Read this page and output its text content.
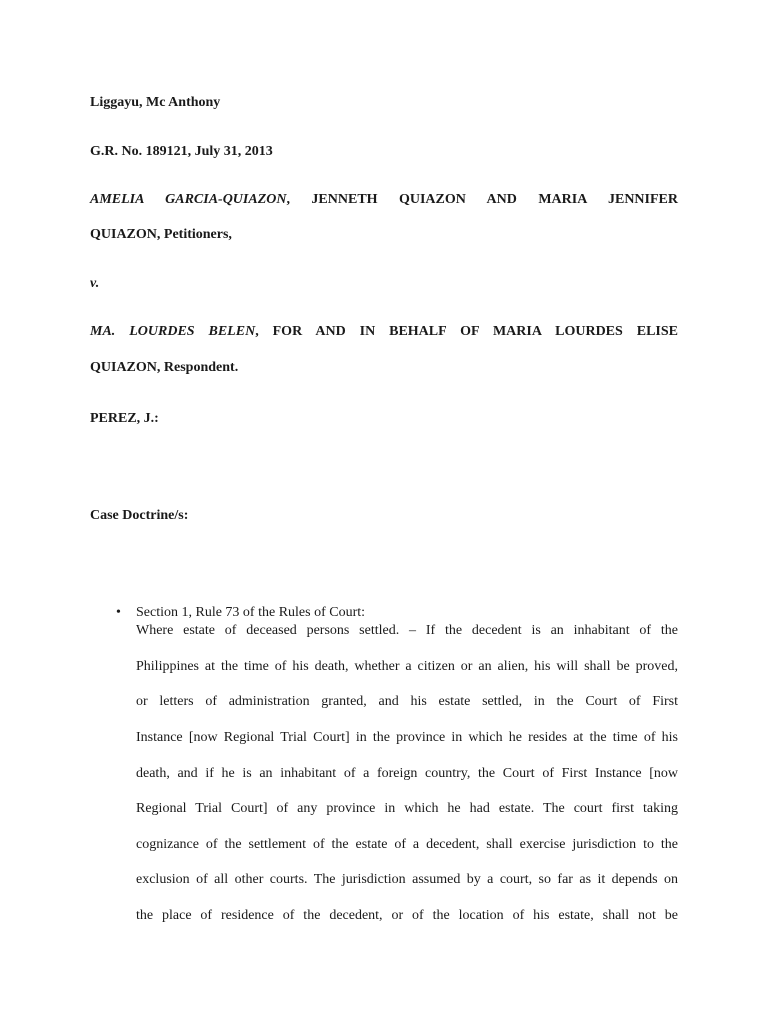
Liggayu, Mc Anthony
G.R. No. 189121, July 31, 2013
AMELIA GARCIA-QUIAZON, JENNETH QUIAZON AND MARIA JENNIFER
QUIAZON, Petitioners,
v.
MA. LOURDES BELEN, FOR AND IN BEHALF OF MARIA LOURDES ELISE
QUIAZON, Respondent.
PEREZ, J.:
Case Doctrine/s:
• Section 1, Rule 73 of the Rules of Court:
Where estate of deceased persons settled. – If the decedent is an inhabitant of the
Philippines at the time of his death, whether a citizen or an alien, his will shall be proved,
or letters of administration granted, and his estate settled, in the Court of First
Instance [now Regional Trial Court] in the province in which he resides at the time of his
death, and if he is an inhabitant of a foreign country, the Court of First Instance [now
Regional Trial Court] of any province in which he had estate. The court first taking
cognizance of the settlement of the estate of a decedent, shall exercise jurisdiction to the
exclusion of all other courts. The jurisdiction assumed by a court, so far as it depends on
the place of residence of the decedent, or of the location of his estate, shall not be
